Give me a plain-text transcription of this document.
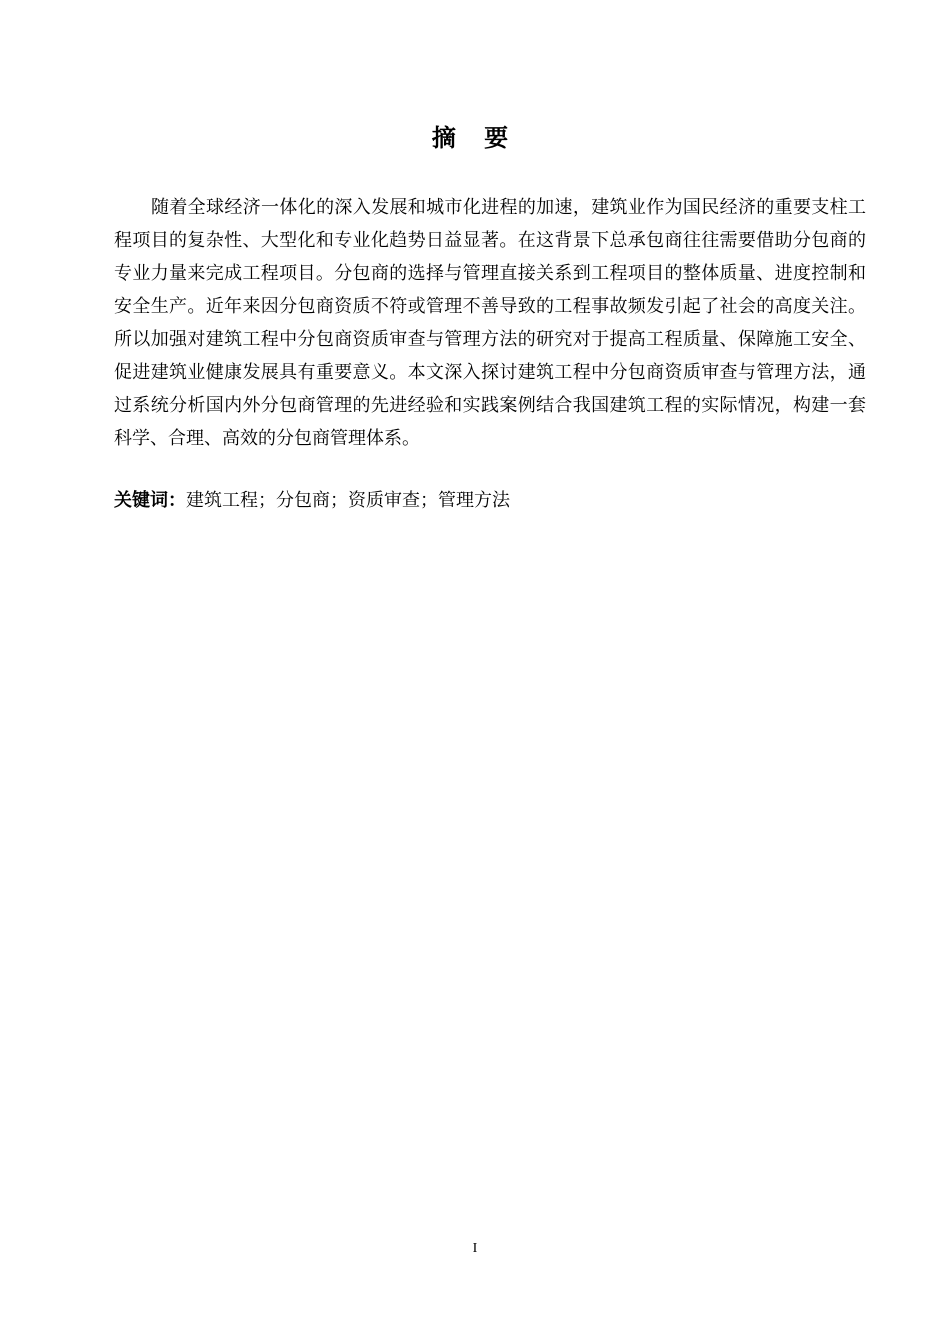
摘 要

随着全球经济一体化的深入发展和城市化进程的加速，建筑业作为国民经济的重要支柱工程项目的复杂性、大型化和专业化趋势日益显著。在这背景下总承包商往往需要借助分包商的专业力量来完成工程项目。分包商的选择与管理直接关系到工程项目的整体质量、进度控制和安全生产。近年来因分包商资质不符或管理不善导致的工程事故频发引起了社会的高度关注。所以加强对建筑工程中分包商资质审查与管理方法的研究对于提高工程质量、保障施工安全、促进建筑业健康发展具有重要意义。本文深入探讨建筑工程中分包商资质审查与管理方法，通过系统分析国内外分包商管理的先进经验和实践案例结合我国建筑工程的实际情况，构建一套科学、合理、高效的分包商管理体系。

关键词：建筑工程；分包商；资质审查；管理方法

I
